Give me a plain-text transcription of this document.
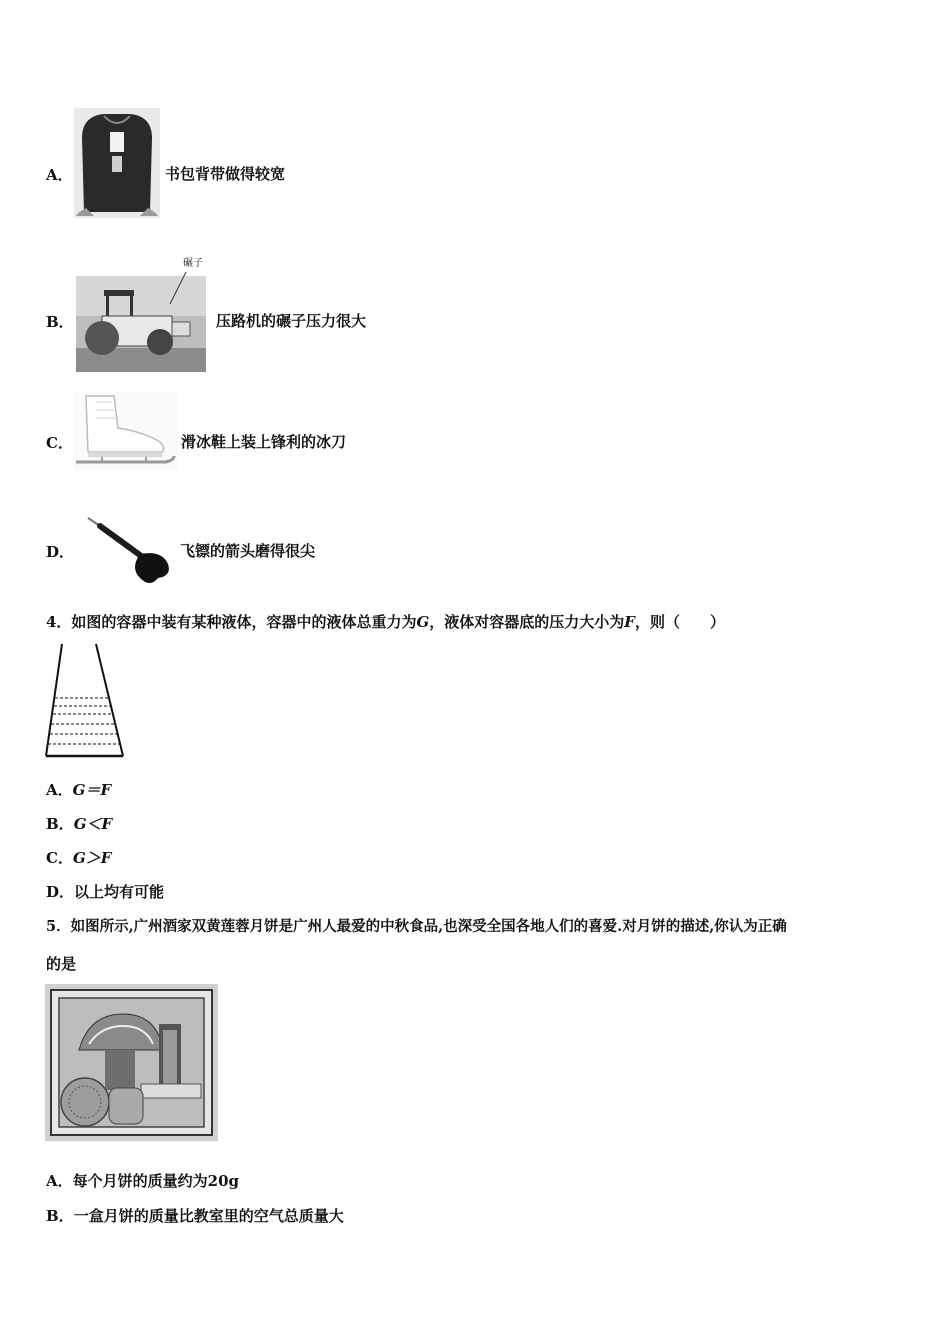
A．	书包背带做得较宽
B．
碾子
压路机的碾子压力很大
C．	滑冰鞋上装上锋利的冰刀
D．	飞镖的箭头磨得很尖
4．如图的容器中装有某种液体，容器中的液体总重力为G，液体对容器底的压力大小为F，则（　　）
A．G＝F
B．G＜F
C．G＞F
D．以上均有可能
5．如图所示,广州酒家双黄莲蓉月饼是广州人最爱的中秋食品,也深受全国各地人们的喜爱.对月饼的描述,你认为正确
的是
A．每个月饼的质量约为20g
B．一盒月饼的质量比教室里的空气总质量大
